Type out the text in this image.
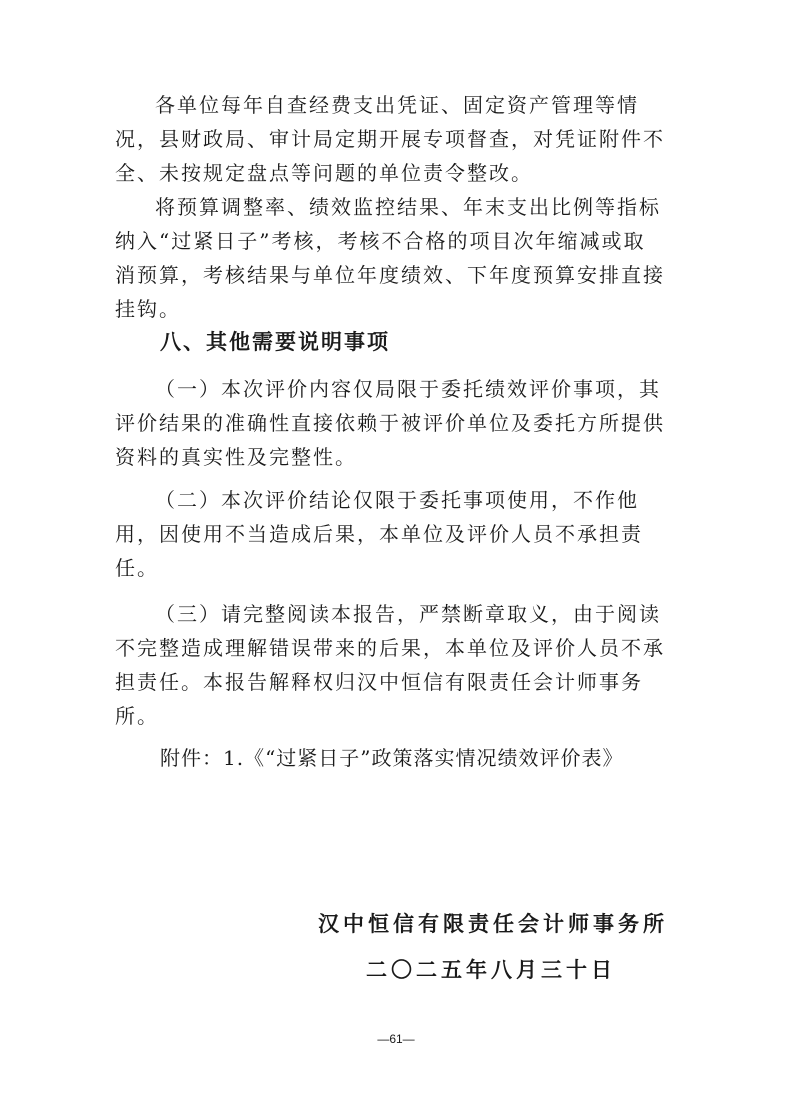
各单位每年自查经费支出凭证、固定资产管理等情况，县财政局、审计局定期开展专项督查，对凭证附件不全、未按规定盘点等问题的单位责令整改。

将预算调整率、绩效监控结果、年末支出比例等指标纳入“过紧日子”考核，考核不合格的项目次年缩减或取消预算，考核结果与单位年度绩效、下年度预算安排直接挂钩。

八、其他需要说明事项

（一）本次评价内容仅局限于委托绩效评价事项，其评价结果的准确性直接依赖于被评价单位及委托方所提供资料的真实性及完整性。

（二）本次评价结论仅限于委托事项使用，不作他用，因使用不当造成后果，本单位及评价人员不承担责任。

（三）请完整阅读本报告，严禁断章取义，由于阅读不完整造成理解错误带来的后果，本单位及评价人员不承担责任。本报告解释权归汉中恒信有限责任会计师事务所。

附件：1.《“过紧日子”政策落实情况绩效评价表》

汉中恒信有限责任会计师事务所
二〇二五年八月三十日
—61—
